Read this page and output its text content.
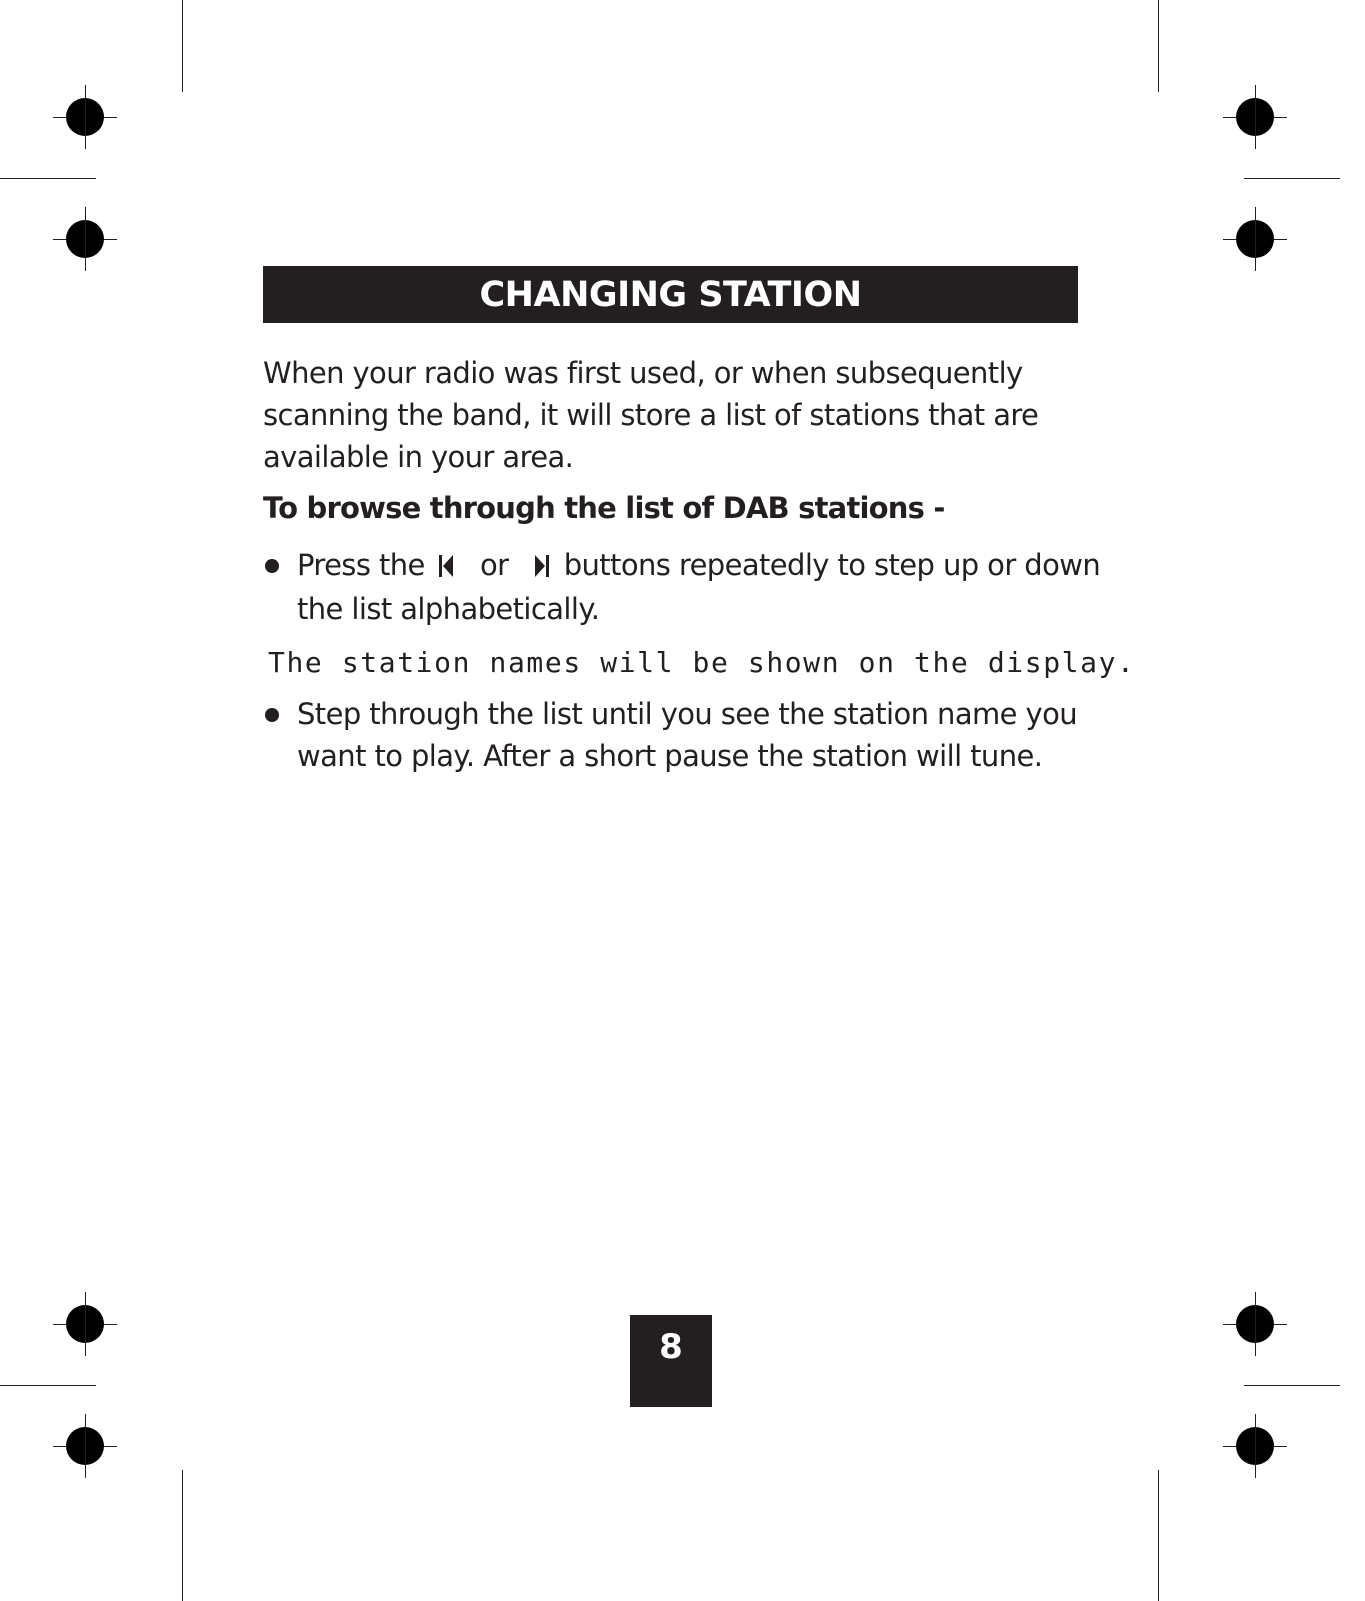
CHANGING STATION

When your radio was first used, or when subsequently scanning the band, it will store a list of stations that are available in your area.

To browse through the list of DAB stations -
Press the or buttons repeatedly to step up or down the list alphabetically.
The station names will be shown on the display.
Step through the list until you see the station name you want to play. After a short pause the station will tune.
8
